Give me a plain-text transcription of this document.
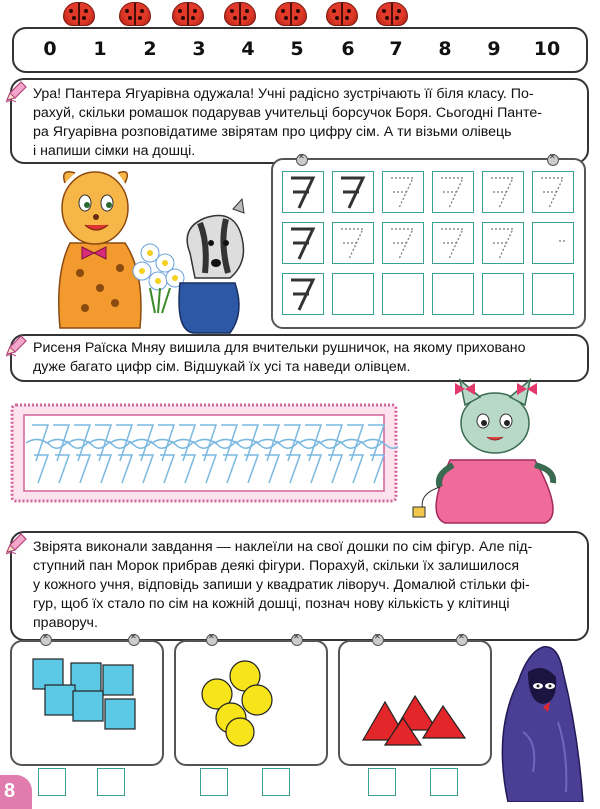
0	1	2	3	4	5	6	7	8	9	10
Ура! Пантера Ягуарівна одужала! Учні радісно зустрічають її біля класу. По-
рахуй, скільки ромашок подарував учительці борсучок Боря. Сьогодні Панте-
ра Ягуарівна розповідатиме звірятам про цифру сім. А ти візьми олівець
і напиши сімки на дошці.
✕
✕
Рисеня Раїска Мняу вишила для вчительки рушничок, на якому приховано
дуже багато цифр сім. Відшукай їх усі та наведи олівцем.
Звірята виконали завдання — наклеїли на свої дошки по сім фігур. Але під-
ступний пан Морок прибрав деякі фігури. Порахуй, скільки їх залишилося
у кожного учня, відповідь запиши у квадратик ліворуч. Домалюй стільки фі-
гур, щоб їх стало по сім на кожній дошці, познач нову кількість у клітинці
праворуч.
✕
✕
✕
✕
✕
✕
8
